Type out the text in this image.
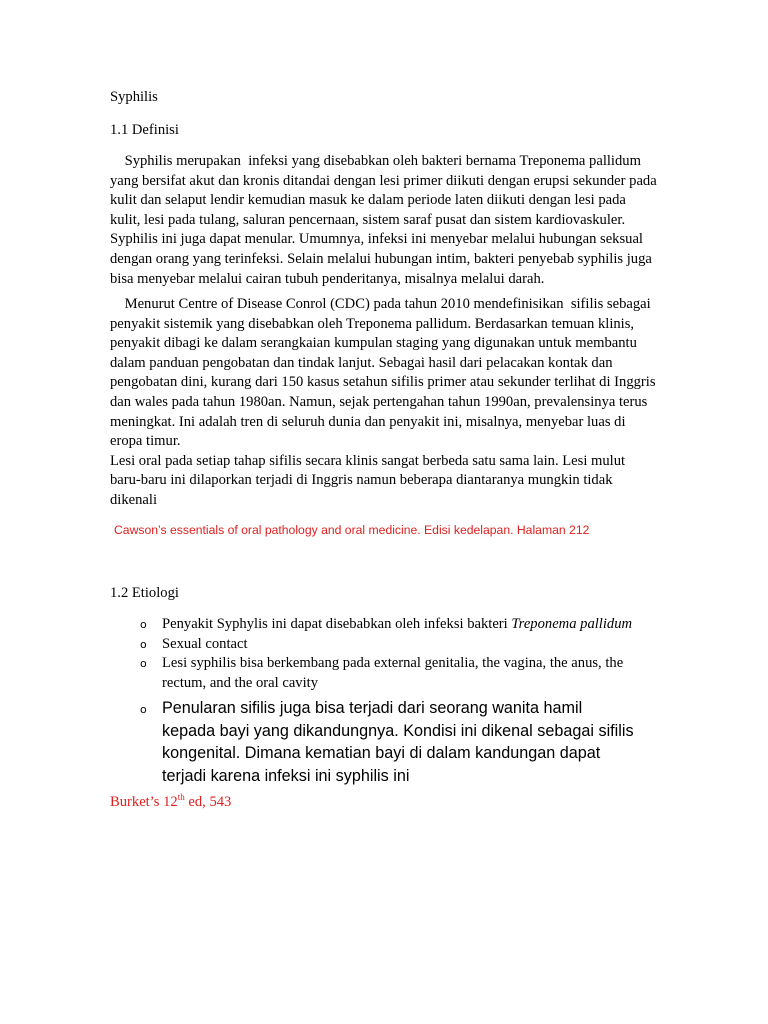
Syphilis

1.1 Definisi

Syphilis merupakan  infeksi yang disebabkan oleh bakteri bernama Treponema pallidum
yang bersifat akut dan kronis ditandai dengan lesi primer diikuti dengan erupsi sekunder pada
kulit dan selaput lendir kemudian masuk ke dalam periode laten diikuti dengan lesi pada
kulit, lesi pada tulang, saluran pencernaan, sistem saraf pusat dan sistem kardiovaskuler.
Syphilis ini juga dapat menular. Umumnya, infeksi ini menyebar melalui hubungan seksual
dengan orang yang terinfeksi. Selain melalui hubungan intim, bakteri penyebab syphilis juga
bisa menyebar melalui cairan tubuh penderitanya, misalnya melalui darah.
Menurut Centre of Disease Conrol (CDC) pada tahun 2010 mendefinisikan  sifilis sebagai
penyakit sistemik yang disebabkan oleh Treponema pallidum. Berdasarkan temuan klinis,
penyakit dibagi ke dalam serangkaian kumpulan staging yang digunakan untuk membantu
dalam panduan pengobatan dan tindak lanjut. Sebagai hasil dari pelacakan kontak dan
pengobatan dini, kurang dari 150 kasus setahun sifilis primer atau sekunder terlihat di Inggris
dan wales pada tahun 1980an. Namun, sejak pertengahan tahun 1990an, prevalensinya terus
meningkat. Ini adalah tren di seluruh dunia dan penyakit ini, misalnya, menyebar luas di
eropa timur.
Lesi oral pada setiap tahap sifilis secara klinis sangat berbeda satu sama lain. Lesi mulut
baru-baru ini dilaporkan terjadi di Inggris namun beberapa diantaranya mungkin tidak
dikenali
Cawson’s essentials of oral pathology and oral medicine. Edisi kedelapan. Halaman 212

1.2 Etiologi

o Penyakit Syphylis ini dapat disebabkan oleh infeksi bakteri Treponema pallidum
o Sexual contact
o Lesi syphilis bisa berkembang pada external genitalia, the vagina, the anus, the
rectum, and the oral cavity
o Penularan sifilis juga bisa terjadi dari seorang wanita hamil
kepada bayi yang dikandungnya. Kondisi ini dikenal sebagai sifilis
kongenital. Dimana kematian bayi di dalam kandungan dapat
terjadi karena infeksi ini syphilis ini
Burket’s 12th ed, 543
